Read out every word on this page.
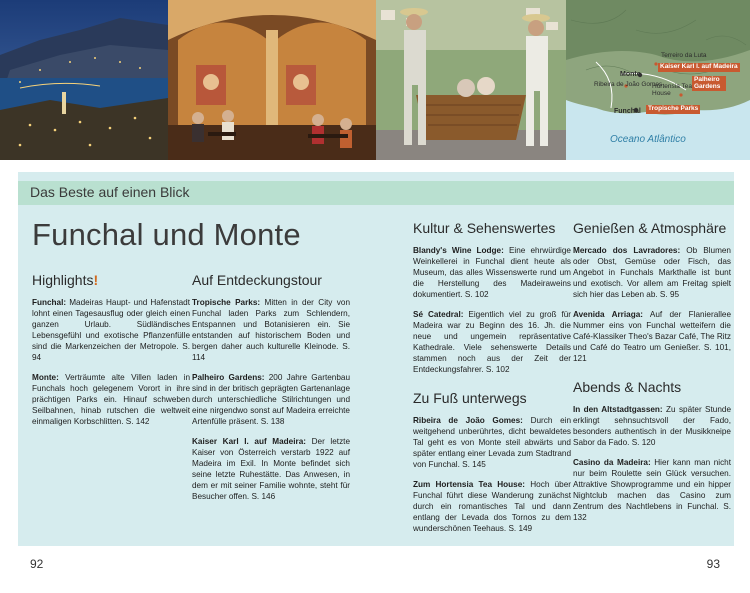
Terreiro da Luta
Kaiser Karl I. auf Madeira
Monte
Ribeira de João Gomes
Hortensia Tea House
Palheiro Gardens
Funchal	Tropische Parks
Oceano Atlântico
Das Beste auf einen Blick
Funchal und Monte
Highlights!

Funchal: Madeiras Haupt- und Hafenstadt lohnt einen Tagesausflug oder gleich einen ganzen Urlaub. Südländisches Lebensgefühl und exotische Pflanzenfülle sind die Markenzeichen der Metropole. S. 94

Monte: Verträumte alte Villen laden in Funchals hoch gelegenem Vorort in ihre prächtigen Parks ein. Hinauf schweben Seilbahnen, hinab rutschen die weltweit einmaligen Korbschlitten. S. 142

Auf Entdeckungstour

Tropische Parks: Mitten in der City von Funchal laden Parks zum Schlendern, Entspannen und Botanisieren ein. Sie entstanden auf historischem Boden und bergen daher auch kulturelle Kleinode. S. 114

Palheiro Gardens: 200 Jahre Gartenbau sind in der britisch geprägten Gartenanlage durch unterschiedliche Stilrichtungen und eine nirgendwo sonst auf Madeira erreichte Artenfülle präsent. S. 138

Kaiser Karl I. auf Madeira: Der letzte Kaiser von Österreich verstarb 1922 auf Madeira im Exil. In Monte befindet sich seine letzte Ruhestätte. Das Anwesen, in dem er mit seiner Familie wohnte, steht für Besucher offen. S. 146

Kultur & Sehenswertes

Blandy's Wine Lodge: Eine ehrwürdige Weinkellerei in Funchal dient heute als Museum, das alles Wissenswerte rund um die Herstellung des Madeiraweins dokumentiert. S. 102

Sé Catedral: Eigentlich viel zu groß für Madeira war zu Beginn des 16. Jh. die neue und ungemein repräsentative Kathedrale. Viele sehenswerte Details stammen noch aus der Zeit der Entdeckungsfahrer. S. 102

Zu Fuß unterwegs

Ribeira de João Gomes: Durch ein weitgehend unberührtes, dicht bewaldetes Tal geht es von Monte steil abwärts und später entlang einer Levada zum Stadtrand von Funchal. S. 145

Zum Hortensia Tea House: Hoch über Funchal führt diese Wanderung zunächst durch ein romantisches Tal und dann entlang der Levada dos Tornos zu dem wunderschönen Teehaus. S. 149

Genießen & Atmosphäre

Mercado dos Lavradores: Ob Blumen oder Obst, Gemüse oder Fisch, das Angebot in Funchals Markthalle ist bunt und exotisch. Vor allem am Freitag spielt sich hier das Leben ab. S. 95

Avenida Arriaga: Auf der Flanierallee Nummer eins von Funchal wetteifern die Café-Klassiker Theo's Bazar Café, The Ritz und Café do Teatro um Genießer. S. 101, 121

Abends & Nachts

In den Altstadtgassen: Zu später Stunde erklingt sehnsuchtsvoll der Fado, besonders authentisch in der Musikkneipe Sabor da Fado. S. 120

Casino da Madeira: Hier kann man nicht nur beim Roulette sein Glück versuchen. Attraktive Showprogramme und ein hipper Nightclub machen das Casino zum Zentrum des Nachtlebens in Funchal. S. 132

92	93
